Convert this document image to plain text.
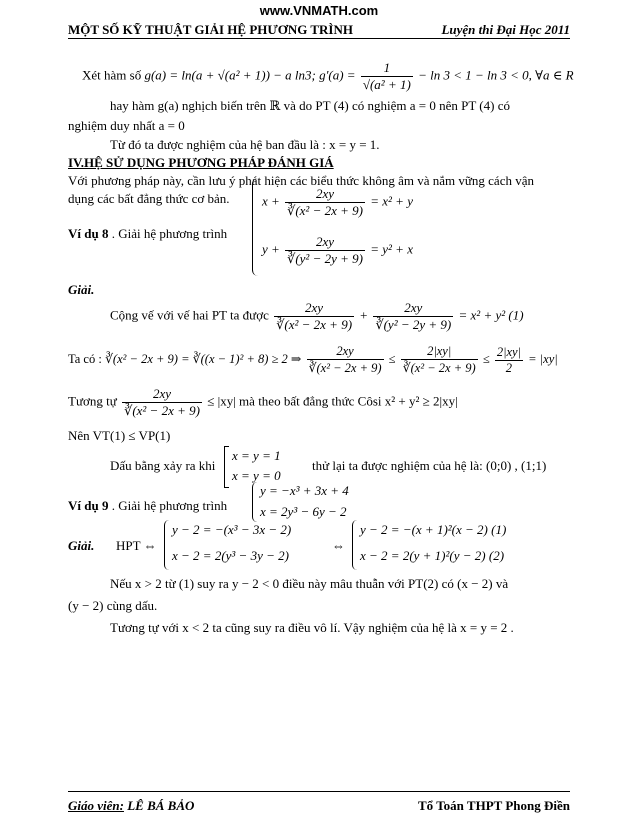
www.VNMATH.com
MỘT SỐ KỸ THUẬT GIẢI HỆ PHƯƠNG TRÌNH	Luyện thi Đại Học 2011
Xét hàm số g(a) = ln(a + √(a² + 1)) − a ln3; $g'(a) = \frac{1}{\text{√(a² + 1)}} - \ln 3 < 1 - \ln 3 < 0$, ∀a ∈ R
hay hàm g(a) nghịch biến trên ℝ và do PT (4) có nghiệm a = 0 nên PT (4) có
nghiệm duy nhất a = 0
Từ đó ta được nghiệm của hệ ban đầu là : x = y = 1.
IV.HỆ SỬ DỤNG PHƯƠNG PHÁP ĐÁNH GIÁ
Với phương pháp này, cần lưu ý phát hiện các biểu thức không âm và nắm vững cách vận
dụng các bất đẳng thức cơ bản.
Ví dụ 8 . Giải hệ phương trình
$x + \frac{2xy}{\text{∛(x² − 2x + 9)}} = x^2 + y$
$y + \frac{2xy}{\text{∛(y² − 2y + 9)}} = y^2 + x$
Giải.
Cộng vế với vế hai PT ta được $\frac{2xy}{\text{∛(x² − 2x + 9)}} + \frac{2xy}{\text{∛(y² − 2y + 9)}} = x^2 + y^2$ (1)
Ta có : ∛(x² − 2x + 9) = ∛((x − 1)² + 8) ≥ 2 ⇒ $\frac{2xy}{\text{∛(x² − 2x + 9)}} \le \frac{2|xy|}{\text{∛(x² − 2x + 9)}} \le \frac{2|xy|}{2} = |xy|$
Tương tự $\frac{2xy}{\text{∛(x² − 2x + 9)}} \le |xy|$ mà theo bất đẳng thức Côsi x² + y² ≥ 2|xy|
Nên VT(1) ≤ VP(1)
Dấu bằng xảy ra khi
x = y = 1
x = y = 0
thử lại ta được nghiệm của hệ là: (0;0) , (1;1)
Ví dụ 9 . Giải hệ phương trình
y = −x³ + 3x + 4
x = 2y³ − 6y − 2
Giải. HPT ⇔
y − 2 = −(x³ − 3x − 2)
x − 2 = 2(y³ − 3y − 2)
⇔
y − 2 = −(x + 1)²(x − 2) (1)
x − 2 = 2(y + 1)²(y − 2) (2)
Nếu x > 2 từ (1) suy ra y − 2 < 0 điều này mâu thuẫn với PT(2) có (x − 2) và
(y − 2) cùng dấu.
Tương tự với x < 2 ta cũng suy ra điều vô lí. Vậy nghiệm của hệ là x = y = 2 .
Giáo viên: LÊ BÁ BẢO	Tổ Toán THPT Phong Điền
